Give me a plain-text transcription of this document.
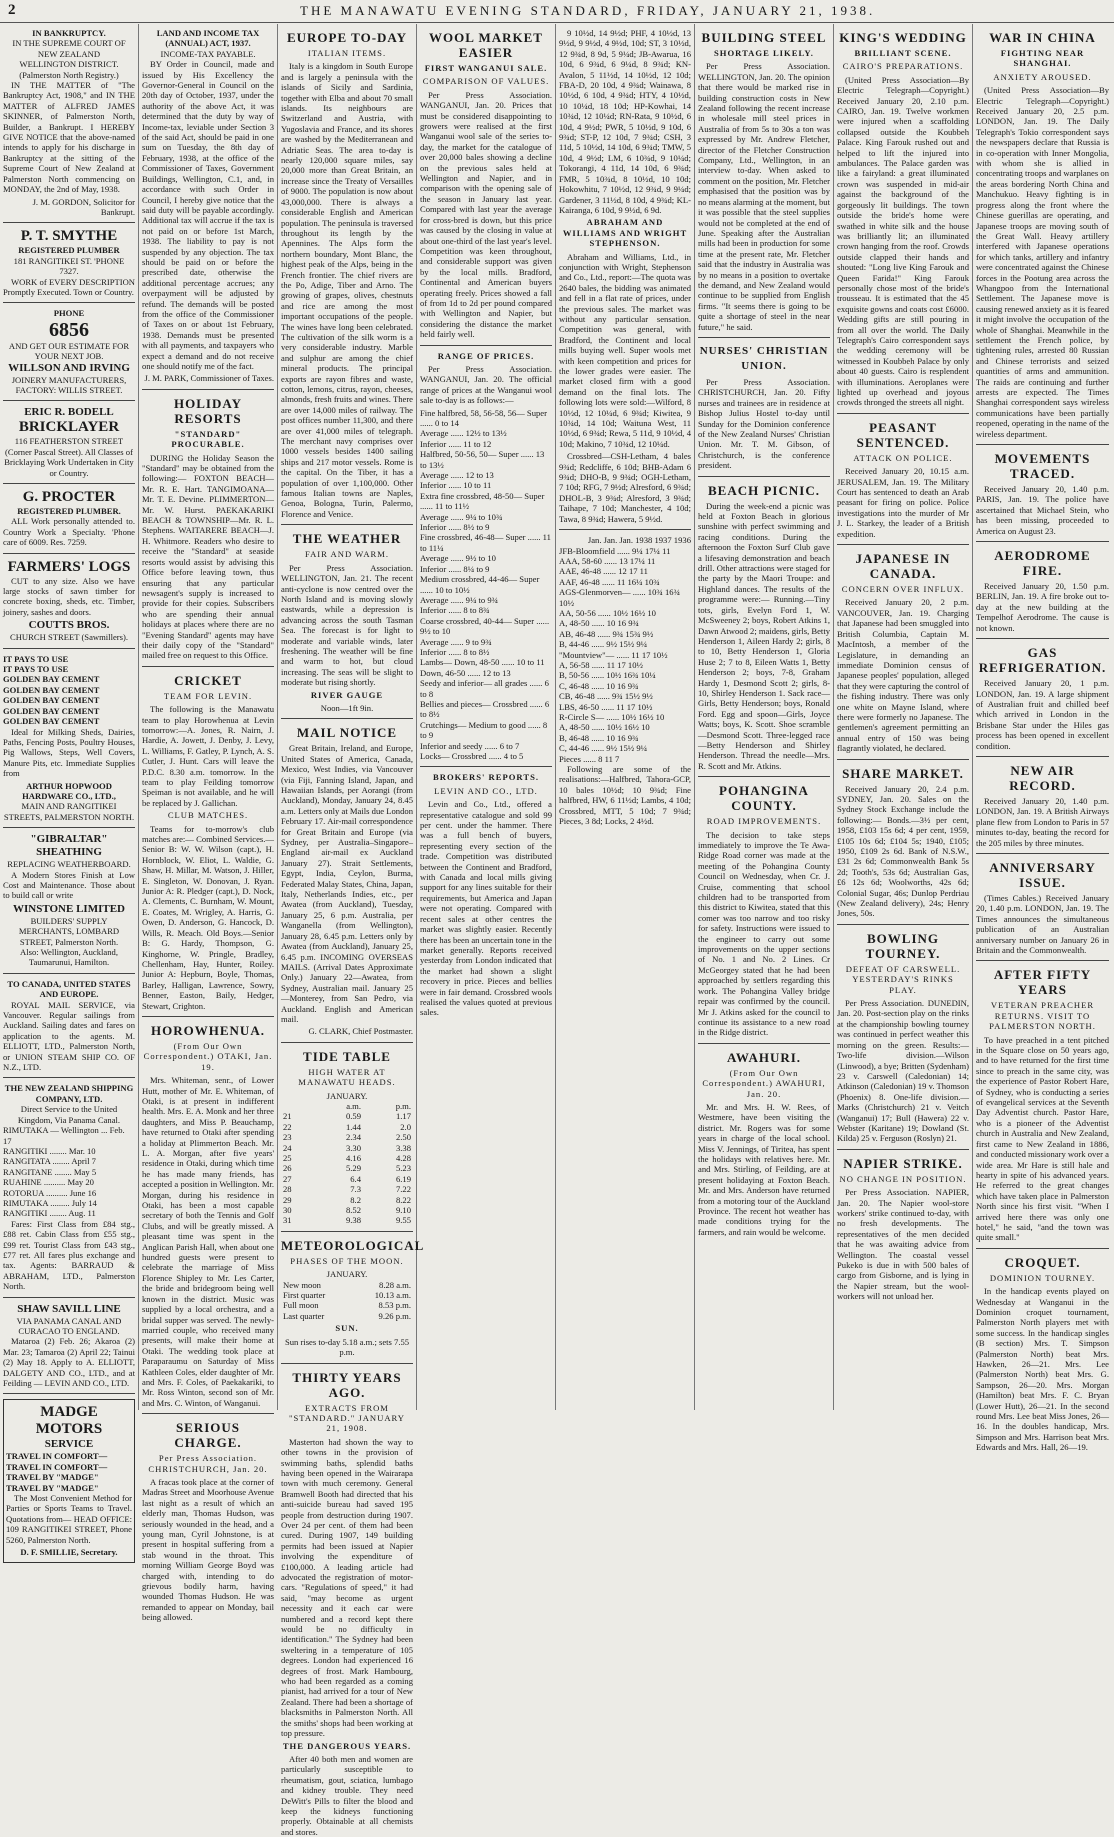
2	THE MANAWATU EVENING STANDARD, FRIDAY, JANUARY 21, 1938.
IN BANKRUPTCY.
IN THE SUPREME COURT OF NEW ZEALAND
WELLINGTON DISTRICT.
(Palmerston North Registry.)

IN THE MATTER of "The Bankruptcy Act, 1908," and IN THE MATTER of ALFRED JAMES SKINNER, of Palmerston North, Builder, a Bankrupt. I HEREBY GIVE NOTICE that the above-named intends to apply for his discharge in Bankruptcy at the sitting of the Supreme Court of New Zealand at Palmerston North commencing on MONDAY, the 2nd of May, 1938.

J. M. GORDON, Solicitor for Bankrupt.
P. T. SMYTHE
REGISTERED PLUMBER
181 RANGITIKEI ST. 'PHONE 7327.

WORK of EVERY DESCRIPTION Promptly Executed. Town or Country.

PHONE
6856
AND GET OUR ESTIMATE FOR YOUR NEXT JOB.
WILLSON AND IRVING
JOINERY MANUFACTURERS, FACTORY: WILLIS STREET.
ERIC R. BODELL
BRICKLAYER
116 FEATHERSTON STREET (Corner Pascal Street). All Classes of Bricklaying Work Undertaken in City or Country.
G. PROCTER
REGISTERED PLUMBER.

ALL Work personally attended to. Country Work a Specialty. 'Phone care of 6009. Res. 7259.

FARMERS' LOGS

CUT to any size. Also we have large stocks of sawn timber for concrete boxing, sheds, etc. Timber, joinery, sashes and doors.

COUTTS BROS.
CHURCH STREET (Sawmillers).
IT PAYS TO USE
IT PAYS TO USE
GOLDEN BAY CEMENT
GOLDEN BAY CEMENT
GOLDEN BAY CEMENT
GOLDEN BAY CEMENT
GOLDEN BAY CEMENT

Ideal for Milking Sheds, Dairies, Paths, Fencing Posts, Poultry Houses, Pig Wallows, Steps, Well Covers, Manure Pits, etc. Immediate Supplies from

ARTHUR HOPWOOD HARDWARE CO., LTD.,
MAIN AND RANGITIKEI STREETS, PALMERSTON NORTH.
"GIBRALTAR" SHEATHING
REPLACING WEATHERBOARD.

A Modern Stores Finish at Low Cost and Maintenance. Those about to build call or write

WINSTONE LIMITED
BUILDERS' SUPPLY MERCHANTS, LOMBARD STREET, Palmerston North.
Also: Wellington, Auckland, Taumarunui, Hamilton.
TO CANADA, UNITED STATES AND EUROPE.

ROYAL MAIL SERVICE, via Vancouver. Regular sailings from Auckland. Sailing dates and fares on application to the agents. M. ELLIOTT, LTD., Palmerston North, or UNION STEAM SHIP CO. OF N.Z., LTD.

THE NEW ZEALAND SHIPPING COMPANY, LTD.
Direct Service to the United Kingdom, Via Panama Canal.
RIMUTAKA — Wellington ... Feb. 17
RANGITIKI ........ Mar. 10
RANGITATA ........ April 7
RANGITANE ........ May 5
RUAHINE .......... May 20
ROTORUA .......... June 16
RIMUTAKA ......... July 14
RANGITIKI ........ Aug. 11

Fares: First Class from £84 stg., £88 ret. Cabin Class from £55 stg., £99 ret. Tourist Class from £43 stg., £77 ret. All fares plus exchange and tax. Agents: BARRAUD & ABRAHAM, LTD., Palmerston North.

SHAW SAVILL LINE
VIA PANAMA CANAL AND CURACAO TO ENGLAND.

Mataroa (2) Feb. 26; Akaroa (2) Mar. 23; Tamaroa (2) April 22; Tainui (2) May 18. Apply to A. ELLIOTT, DALGETY AND CO., LTD., and at Feilding — LEVIN AND CO., LTD.

MADGE MOTORS
SERVICE
TRAVEL IN COMFORT—
TRAVEL IN COMFORT—
TRAVEL BY "MADGE"
TRAVEL BY "MADGE"

The Most Convenient Method for Parties or Sports Teams to Travel. Quotations from— HEAD OFFICE: 109 RANGITIKEI STREET, Phone 5260, Palmerston North.

D. F. SMILLIE, Secretary.
LAND AND INCOME TAX (ANNUAL) ACT, 1937.
INCOME-TAX PAYABLE.

BY Order in Council, made and issued by His Excellency the Governor-General in Council on the 20th day of October, 1937, under the authority of the above Act, it was determined that the duty by way of Income-tax, leviable under Section 3 of the said Act, should be paid in one sum on Tuesday, the 8th day of February, 1938, at the office of the Commissioner of Taxes, Government Buildings, Wellington, C.1, and, in accordance with such Order in Council, I hereby give notice that the said duty will be payable accordingly. Additional tax will accrue if the tax is not paid on or before 1st March, 1938. The liability to pay is not suspended by any objection. The tax should be paid on or before the prescribed date, otherwise the additional percentage accrues; any overpayment will be adjusted by refund. The demands will be posted from the office of the Commissioner of Taxes on or about 1st February, 1938. Demands must be presented with all payments, and taxpayers who expect a demand and do not receive one should notify me of the fact.

J. M. PARK, Commissioner of Taxes.
HOLIDAY RESORTS
"STANDARD" PROCURABLE.

DURING the Holiday Season the "Standard" may be obtained from the following:— FOXTON BEACH—Mr. R. E. Hart. TANGIMOANA—Mr. T. E. Devine. PLIMMERTON—Mr. W. Hurst. PAEKAKARIKI BEACH & TOWNSHIP—Mr. R. L. Stephens. WAITARERE BEACH—J. H. Whitmore. Readers who desire to receive the "Standard" at seaside resorts would assist by advising this Office before leaving town, thus ensuring that any particular newsagent's supply is increased to provide for their copies. Subscribers who are spending their annual holidays at places where there are no "Evening Standard" agents may have their daily copy of the "Standard" mailed free on request to this Office.

CRICKET
TEAM FOR LEVIN.

The following is the Manawatu team to play Horowhenua at Levin tomorrow:—A. Jones, R. Nairn, J. Hardie, A. Jowett, J. Denby, J. Levy, L. Williams, F. Gatley, P. Lynch, A. S. Cutler, J. Hunt. Cars will leave the P.D.C. 8.30 a.m. tomorrow. In the team to play Feilding tomorrow Speiman is not available, and he will be replaced by J. Gallichan.

CLUB MATCHES.

Teams for to-morrow's club matches are:— Combined Services.—Senior B: W. W. Wilson (capt.), H. Hornblock, W. Eliot, L. Waldie, G. Shaw, H. Millar, M. Watson, J. Hiller, E. Singleton, W. Donovan, J. Ryan. Junior A: R. Pledger (capt.), D. Nock, A. Clements, C. Burnham, W. Mount, E. Coates, M. Wrigley, A. Harris, G. Owen, D. Anderson, G. Hancock, D. Wills, R. Meach. Old Boys.—Senior B: G. Hardy, Thompson, G. Kinghorne, W. Pringle, Bradley, Chellenham, Hay, Hunter, Roiley. Junior A: Hepburn, Boyle, Thomas, Barley, Halligan, Lawrence, Sowry, Benner, Easton, Baily, Hedger, Stewart, Crighton.

HOROWHENUA.
(From Our Own Correspondent.) OTAKI, Jan. 19.

Mrs. Whiteman, senr., of Lower Hutt, mother of Mr. E. Whiteman, of Otaki, is at present in indifferent health. Mrs. E. A. Monk and her three daughters, and Miss P. Beauchamp, have returned to Otaki after spending a holiday at Plimmerton Beach. Mr. L. A. Morgan, after five years' residence in Otaki, during which time he has made many friends, has accepted a position in Wellington. Mr. Morgan, during his residence in Otaki, has been a most capable secretary of both the Tennis and Golf Clubs, and will be greatly missed. A pleasant time was spent in the Anglican Parish Hall, when about one hundred guests were present to celebrate the marriage of Miss Florence Shipley to Mr. Les Carter, the bride and bridegroom being well known in the district. Music was supplied by a local orchestra, and a bridal supper was served. The newly-married couple, who received many presents, will make their home at Otaki. The wedding took place at Paraparaumu on Saturday of Miss Kathleen Coles, elder daughter of Mr. and Mrs. F. Coles, of Paekakariki, to Mr. Ross Winton, second son of Mr. and Mrs. C. Winton, of Wanganui.

SERIOUS CHARGE.
Per Press Association. CHRISTCHURCH, Jan. 20.

A fracas took place at the corner of Madras Street and Moorhouse Avenue last night as a result of which an elderly man, Thomas Hudson, was seriously wounded in the head, and a young man, Cyril Johnstone, is at present in hospital suffering from a stab wound in the throat. This morning William George Boyd was charged with, intending to do grievous bodily harm, having wounded Thomas Hudson. He was remanded to appear on Monday, bail being allowed.

EUROPE TO-DAY
ITALIAN ITEMS.

Italy is a kingdom in South Europe and is largely a peninsula with the islands of Sicily and Sardinia, together with Elba and about 70 small islands. Its neighbours are Switzerland and Austria, with Yugoslavia and France, and its shores are washed by the Mediterranean and Adriatic Seas. The area to-day is nearly 120,000 square miles, say 20,000 more than Great Britain, an increase since the Treaty of Versailles of 9000. The population is now about 43,000,000. There is always a considerable English and American population. The peninsula is traversed throughout its length by the Apennines. The Alps form the northern boundary, Mont Blanc, the highest peak of the Alps, being in the French frontier. The chief rivers are the Po, Adige, Tiber and Arno. The growing of grapes, olives, chestnuts and rice are among the most important occupations of the people. The wines have long been celebrated. The cultivation of the silk worm is a very considerable industry. Marble and sulphur are among the chief mineral products. The principal exports are rayon fibres and waste, cotton, lemons, citrus, rayon, cheeses, almonds, fresh fruits and wines. There are over 14,000 miles of railway. The post offices number 11,300, and there are over 41,000 miles of telegraph. The merchant navy comprises over 1000 vessels besides 1400 sailing ships and 217 motor vessels. Rome is the capital. On the Tiber, it has a population of over 1,100,000. Other famous Italian towns are Naples, Genoa, Bologna, Turin, Palermo, Florence and Venice.

THE WEATHER
FAIR AND WARM.

Per Press Association. WELLINGTON, Jan. 21. The recent anti-cyclone is now centred over the North Island and is moving slowly eastwards, while a depression is advancing across the south Tasman Sea. The forecast is for light to moderate and variable winds, later freshening. The weather will be fine and warm to hot, but cloud increasing. The seas will be slight to moderate but rising shortly.

RIVER GAUGE
Noon—1ft 9in.
MAIL NOTICE

Great Britain, Ireland, and Europe, United States of America, Canada, Mexico, West Indies, via Vancouver (via Fiji, Fanning Island, Japan, and Hawaiian Islands, per Aorangi (from Auckland), Monday, January 24, 8.45 a.m. Letters only at Mails due London February 17. Air-mail correspondence for Great Britain and Europe (via Sydney, per Australia–Singapore–England air-mail ex Auckland January 27). Strait Settlements, Egypt, India, Ceylon, Burma, Federated Malay States, China, Japan, Italy, Netherlands Indies, etc., per Awatea (from Auckland), Tuesday, January 25, 6 p.m. Australia, per Wanganella (from Wellington), January 28, 6.45 p.m. Letters only by Awatea (from Auckland), January 25, 6.45 p.m. INCOMING OVERSEAS MAILS. (Arrival Dates Approximate Only.) January 22—Awatea, from Sydney, Australian mail. January 25—Monterey, from San Pedro, via Auckland. English and American mail.

G. CLARK, Chief Postmaster.
TIDE TABLE
HIGH WATER AT MANAWATU HEADS.
JANUARY.
	a.m.	p.m.
21	0.59	1.17
22	1.44	2.0
23	2.34	2.50
24	3.30	3.38
25	4.16	4.28
26	5.29	5.23
27	6.4	6.19
28	7.3	7.22
29	8.2	8.22
30	8.52	9.10
31	9.38	9.55
METEOROLOGICAL
PHASES OF THE MOON.
JANUARY.
New moon	8.28 a.m.
First quarter	10.13 a.m.
Full moon	8.53 p.m.
Last quarter	9.26 p.m.
SUN.
Sun rises to-day 5.18 a.m.; sets 7.55 p.m.
THIRTY YEARS AGO.
EXTRACTS FROM "STANDARD." JANUARY 21, 1908.

Masterton had shown the way to other towns in the provision of swimming baths, splendid baths having been opened in the Wairarapa town with much ceremony. General Bramwell Booth had directed that his anti-suicide bureau had saved 195 people from destruction during 1907. Over 24 per cent. of them had been cured. During 1907, 149 building permits had been issued at Napier involving the expenditure of £100,000. A leading article had advocated the registration of motor-cars. "Regulations of speed," it had said, "may become as urgent necessity and it each car were numbered and a record kept there would be no difficulty in identification." The Sydney had been sweltering in a temperature of 105 degrees. London had experienced 16 degrees of frost. Mark Hambourg, who had been regarded as a coming pianist, had arrived for a tour of New Zealand. There had been a shortage of blacksmiths in Palmerston North. All the smiths' shops had been working at top pressure.

THE DANGEROUS YEARS.

After 40 both men and women are particularly susceptible to rheumatism, gout, sciatica, lumbago and kidney trouble. They need DeWitt's Pills to filter the blood and keep the kidneys functioning properly. Obtainable at all chemists and stores.

WOOL MARKET EASIER
FIRST WANGANUI SALE.
COMPARISON OF VALUES.

Per Press Association. WANGANUI, Jan. 20. Prices that must be considered disappointing to growers were realised at the first Wanganui wool sale of the series to-day, the market for the catalogue of over 20,000 bales showing a decline on the previous sales held at Wellington and Napier, and in comparison with the opening sale of the season in January last year. Compared with last year the average for cross-bred is down, but this price was caused by the closing in value at about one-third of the last year's level. Competition was keen throughout, and considerable support was given by the local mills. Bradford, Continental and American buyers operating freely. Prices showed a fall of from 1d to 2d per pound compared with Wellington and Napier, but considering the distance the market held fairly well.

RANGE OF PRICES.

Per Press Association. WANGANUI, Jan. 20. The official range of prices at the Wanganui wool sale to-day is as follows:—

Fine halfbred, 58, 56-58, 56— Super ...... 0 to 14
Average ...... 12½ to 13½
Inferior ...... 11 to 12
Halfbred, 50-56, 50— Super ...... 13 to 13½
Average ...... 12 to 13
Inferior ...... 10 to 11
Extra fine crossbred, 48-50— Super ...... 11 to 11½
Average ...... 9¼ to 10¾
Inferior ...... 8½ to 9
Fine crossbred, 46-48— Super ...... 11 to 11¼
Average ...... 9½ to 10
Inferior ...... 8¼ to 9
Medium crossbred, 44-46— Super ...... 10 to 10½
Average ...... 9¼ to 9¾
Inferior ...... 8 to 8¾
Coarse crossbred, 40-44— Super ...... 9½ to 10
Average ...... 9 to 9¾
Inferior ...... 8 to 8½
Lambs— Down, 48-50 ...... 10 to 11
Down, 46-50 ...... 12 to 13
Seedy and inferior— all grades ...... 6 to 8
Bellies and pieces— Crossbred ...... 6 to 8½
Crutchings— Medium to good ...... 8 to 9
Inferior and seedy ...... 6 to 7
Locks— Crossbred ...... 4 to 5
BROKERS' REPORTS.
LEVIN AND CO., LTD.

Levin and Co., Ltd., offered a representative catalogue and sold 99 per cent. under the hammer. There was a full bench of buyers, representing every section of the trade. Competition was distributed between the Continent and Bradford, with Canada and local mills giving support for any lines suitable for their requirements, but America and Japan were not operating. Compared with recent sales at other centres the market was slightly easier. Recently there has been an uncertain tone in the market generally. Reports received yesterday from London indicated that the market had shown a slight recovery in price. Pieces and bellies were in fair demand. Crossbred wools realised the values quoted at previous sales.

9 10½d, 14 9½d; PHF, 4 10½d, 13 9½d, 9 9½d, 4 9½d, 10d; ST, 3 10½d, 12 9¾d, 8 9d, 5 9¼d; JB-Awarua, 16 10d, 6 9¾d, 6 9¼d, 8 9¾d; KN-Avalon, 5 11½d, 14 10½d, 12 10d; FBA-D, 20 10d, 4 9¾d; Wainawa, 8 10½d, 6 10d, 4 9¾d; HTY, 4 10½d, 10 10¼d, 18 10d; HP-Kowhai, 14 10¾d, 12 10¼d; RN-Rata, 9 10½d, 6 10d, 4 9½d; PWR, 5 10½d, 9 10d, 6 9¾d; ST-P, 12 10d, 7 9¾d; CSH, 3 11d, 5 10½d, 14 10d, 6 9¾d; TMW, 5 10d, 4 9½d; LM, 6 10¾d, 9 10¼d; Tokorangi, 4 11d, 14 10d, 6 9¾d; FMR, 5 10¾d, 8 10½d, 10 10d; Hokowhitu, 7 10½d, 12 9¾d, 9 9¼d; Gardener, 3 11½d, 8 10d, 4 9¾d; KL-Kairanga, 6 10d, 9 9½d, 6 9d.

ABRAHAM AND WILLIAMS AND WRIGHT STEPHENSON.

Abraham and Williams, Ltd., in conjunction with Wright, Stephenson and Co., Ltd., report:—The quota was 2640 bales, the bidding was animated and fell in a flat rate of prices, under the previous sales. The market was without any particular sensation. Competition was general, with Bradford, the Continent and local mills buying well. Super wools met with keen competition and prices for the lower grades were easier. The market closed firm with a good demand on the final lots. The following lots were sold:—Wilford, 8 10½d, 12 10¼d, 6 9¾d; Kiwitea, 9 10¾d, 14 10d; Waituna West, 11 10½d, 6 9¾d; Rewa, 5 11d, 9 10½d, 4 10d; Makino, 7 10¾d, 12 10¼d.

Crossbred—CSH-Letham, 4 bales 9¾d; Redcliffe, 6 10d; BHB-Adam 6 9¾d; DHO-B, 9 9¾d; OGH-Letham, 7 10d; RFG, 7 9½d; Alresford, 6 9¾d; DHOL-B, 3 9¾d; Alresford, 3 9¾d; Taihape, 7 10d; Manchester, 4 10d; Tawa, 8 9¾d; Hawera, 5 9½d.

Jan. Jan. Jan. 1938 1937 1936
JFB-Bloomfield ...... 9¼ 17¼ 11
AAA, 58-60 ...... 13 17¼ 11
AAE, 46-48 ...... 12 17 11
AAF, 46-48 ...... 11 16¼ 10¾
AGS-Glenmorven— ...... 10¾ 16¾ 10½
AA, 50-56 ...... 10½ 16½ 10
A, 48-50 ...... 10 16 9¾
AB, 46-48 ...... 9¾ 15¾ 9½
B, 44-46 ...... 9½ 15½ 9¼
"Mountview"— ...... 11 17 10½
A, 56-58 ...... 11 17 10½
B, 50-56 ...... 10½ 16¾ 10¼
C, 46-48 ...... 10 16 9¾
CB, 46-48 ...... 9¾ 15½ 9½
LBS, 46-50 ...... 11 17 10½
R-Circle S— ...... 10½ 16½ 10
A, 48-50 ...... 10½ 16½ 10
B, 46-48 ...... 10 16 9¾
C, 44-46 ...... 9½ 15½ 9¼
Pieces ...... 8 11 7

Following are some of the realisations:—Halfbred, Tahora-GCP, 10 bales 10½d; 10 9¾d; Fine halfbred, HW, 6 11½d; Lambs, 4 10d; Crossbred, MTT, 5 10d; 7 9¾d; Pieces, 3 8d; Locks, 2 4½d.

BUILDING STEEL
SHORTAGE LIKELY.

Per Press Association. WELLINGTON, Jan. 20. The opinion that there would be marked rise in building construction costs in New Zealand following the recent increase in wholesale mill steel prices in Australia of from 5s to 30s a ton was expressed by Mr. Andrew Fletcher, director of the Fletcher Construction Company, Ltd., Wellington, in an interview to-day. When asked to comment on the position, Mr. Fletcher emphasised that the position was by no means alarming at the moment, but it was possible that the steel supplies would not be completed at the end of June. Speaking after the Australian mills had been in production for some time at the present rate, Mr. Fletcher said that the industry in Australia was by no means in a position to overtake the demand, and New Zealand would continue to be supplied from English firms. "It seems there is going to be quite a shortage of steel in the near future," he said.

NURSES' CHRISTIAN UNION.

Per Press Association. CHRISTCHURCH, Jan. 20. Fifty nurses and trainees are in residence at Bishop Julius Hostel to-day until Sunday for the Dominion conference of the New Zealand Nurses' Christian Union. Mr. T. M. Gibson, of Christchurch, is the conference president.

BEACH PICNIC.

During the week-end a picnic was held at Foxton Beach in glorious sunshine with perfect swimming and racing conditions. During the afternoon the Foxton Surf Club gave a lifesaving demonstration and beach drill. Other attractions were staged for the party by the Maori Troupe: and Highland dances. The results of the programme were:— Running.—Tiny tots, girls, Evelyn Ford 1, W. McSweeney 2; boys, Robert Atkins 1, Dawn Atwood 2; maidens, girls, Betty Henderson 1, Aileen Hardy 2; girls, 8 to 10, Betty Henderson 1, Gloria Huse 2; 7 to 8, Eileen Watts 1, Betty Henderson 2; boys, 7-8, Graham Hardy 1, Desmond Scott 2; girls, 8-10, Shirley Henderson 1. Sack race—Girls, Betty Henderson; boys, Ronald Ford. Egg and spoon—Girls, Joyce Watts; boys, K. Scott. Shoe scramble—Desmond Scott. Three-legged race—Betty Henderson and Shirley Henderson. Thread the needle—Mrs. R. Scott and Mr. Atkins.

POHANGINA COUNTY.
ROAD IMPROVEMENTS.

The decision to take steps immediately to improve the Te Awa-Ridge Road corner was made at the meeting of the Pohangina County Council on Wednesday, when Cr. J. Cruise, commenting that school children had to be transported from this district to Kiwitea, stated that this comer was too narrow and too risky for safety. Instructions were issued to the engineer to carry out some improvements on the upper sections of No. 1 and No. 2 Lines. Cr McGeorgey stated that he had been approached by settlers regarding this work. The Pohangina Valley bridge repair was confirmed by the council. Mr J. Atkins asked for the council to continue its assistance to a new road in the Ridge district.

AWAHURI.
(From Our Own Correspondent.) AWAHURI, Jan. 20.

Mr. and Mrs. H. W. Rees, of Westmere, have been visiting the district. Mr. Rogers was for some years in charge of the local school. Miss V. Jennings, of Tiritea, has spent the holidays with relatives here. Mr. and Mrs. Stirling, of Feilding, are at present holidaying at Foxton Beach. Mr. and Mrs. Anderson have returned from a motoring tour of the Auckland Province. The recent hot weather has made conditions trying for the farmers, and rain would be welcome.

KING'S WEDDING
BRILLIANT SCENE.
CAIRO'S PREPARATIONS.

(United Press Association—By Electric Telegraph—Copyright.) Received January 20, 2.10 p.m. CAIRO, Jan. 19. Twelve workmen were injured when a scaffolding collapsed outside the Koubbeh Palace. King Farouk rushed out and helped to lift the injured into ambulances. The Palace garden was like a fairyland: a great illuminated crown was suspended in mid-air against the background of the gorgeously lit buildings. The town outside the bride's home were swathed in white silk and the house was brilliantly lit; an illuminated crown hanging from the roof. Crowds outside clapped their hands and shouted: "Long live King Farouk and Queen Farida!" King Farouk personally chose most of the bride's trousseau. It is estimated that the 45 exquisite gowns and coats cost £6000. Wedding gifts are still pouring in from all over the world. The Daily Telegraph's Cairo correspondent says the wedding ceremony will be witnessed in Koubbeh Palace by only about 40 guests. Cairo is resplendent with illuminations. Aeroplanes were lighted up overhead and joyous crowds thronged the streets all night.

PEASANT SENTENCED.
ATTACK ON POLICE.

Received January 20, 10.15 a.m. JERUSALEM, Jan. 19. The Military Court has sentenced to death an Arab peasant for firing on police. Police investigations into the murder of Mr J. L. Starkey, the leader of a British expedition.

JAPANESE IN CANADA.
CONCERN OVER INFLUX.

Received January 20, 2 p.m. VANCOUVER, Jan. 19. Charging that Japanese had been smuggled into British Columbia, Captain M. MacIntosh, a member of the Legislature, in demanding an immediate Dominion census of Japanese peoples' population, alleged that they were capturing the control of the fishing industry. There was only one white on Mayne Island, where there were formerly no Japanese. The gentlemen's agreement permitting an annual entry of 150 was being flagrantly violated, he declared.

SHARE MARKET.

Received January 20, 2.4 p.m. SYDNEY, Jan. 20. Sales on the Sydney Stock Exchange include the following:— Bonds.—3½ per cent, 1958, £103 15s 6d; 4 per cent, 1959, £105 10s 6d; £104 5s; 1940, £105; 1950, £109 2s 6d. Bank of N.S.W., £31 2s 6d; Commonwealth Bank 5s 2d; Tooth's, 53s 6d; Australian Gas, £6 12s 6d; Woolworths, 42s 6d; Colonial Sugar, 46s; Dunlop Perdriau (New Zealand delivery), 24s; Henry Jones, 50s.

BOWLING TOURNEY.
DEFEAT OF CARSWELL. YESTERDAY'S RINKS PLAY.

Per Press Association. DUNEDIN, Jan. 20. Post-section play on the rinks at the championship bowling tourney was continued in perfect weather this morning on the green. Results:— Two-life division.—Wilson (Linwood), a bye; Britten (Sydenham) 23 v. Carswell (Caledonian) 14; Atkinson (Caledonian) 19 v. Thomson (Phoenix) 8. One-life division.—Marks (Christchurch) 21 v. Veitch (Wanganui) 17; Bull (Hawera) 22 v. Webster (Karitane) 19; Dowland (St. Kilda) 25 v. Ferguson (Roslyn) 21.

NAPIER STRIKE.
NO CHANGE IN POSITION.

Per Press Association. NAPIER, Jan. 20. The Napier wool-store workers' strike continued to-day, with no fresh developments. The representatives of the men decided that he was awaiting advice from Wellington. The coastal vessel Pukeko is due in with 500 bales of cargo from Gisborne, and is lying in the Napier stream, but the wool-workers will not unload her.

WAR IN CHINA
FIGHTING NEAR SHANGHAI.
ANXIETY AROUSED.

(United Press Association—By Electric Telegraph—Copyright.) Received January 20, 2.5 p.m. LONDON, Jan. 19. The Daily Telegraph's Tokio correspondent says the newspapers declare that Russia is in co-operation with Inner Mongolia, with whom she is allied in concentrating troops and warplanes on the areas bordering North China and Manchukuo. Heavy fighting is in progress along the front where the Chinese guerillas are operating, and Japanese troops are moving south of the Great Wall. Heavy artillery interfered with Japanese operations for which tanks, artillery and infantry were concentrated against the Chinese forces in the Pootung area across the Whangpoo from the International Settlement. The Japanese move is causing renewed anxiety as it is feared it might involve the occupation of the whole of Shanghai. Meanwhile in the settlement the French police, by tightening rules, arrested 80 Russian and Chinese terrorists and seized quantities of arms and ammunition. The raids are continuing and further arrests are expected. The Times Shanghai correspondent says wireless communications have been partially reopened, operating in the name of the wireless department.

MOVEMENTS TRACED.

Received January 20, 1.40 p.m. PARIS, Jan. 19. The police have ascertained that Michael Stein, who has been missing, proceeded to America on August 23.

AERODROME FIRE.

Received January 20, 1.50 p.m. BERLIN, Jan. 19. A fire broke out to-day at the new building at the Tempelhof Aerodrome. The cause is not known.

GAS REFRIGERATION.

Received January 20, 1 p.m. LONDON, Jan. 19. A large shipment of Australian fruit and chilled beef which arrived in London in the Brisbane Star under the Hiles gas process has been opened in excellent condition.

NEW AIR RECORD.

Received January 20, 1.40 p.m. LONDON, Jan. 19. A British Airways plane flew from London to Paris in 57 minutes to-day, beating the record for the 205 miles by three minutes.

ANNIVERSARY ISSUE.

(Times Cables.) Received January 20, 1.40 p.m. LONDON, Jan. 19. The Times announces the simultaneous publication of an Australian anniversary number on January 26 in Britain and the Commonwealth.

AFTER FIFTY YEARS
VETERAN PREACHER RETURNS. VISIT TO PALMERSTON NORTH.

To have preached in a tent pitched in the Square close on 50 years ago, and to have returned for the first time since to preach in the same city, was the experience of Pastor Robert Hare, of Sydney, who is conducting a series of evangelical services at the Seventh Day Adventist church. Pastor Hare, who is a pioneer of the Adventist church in Australia and New Zealand, first came to New Zealand in 1886, and conducted missionary work over a wide area. Mr Hare is still hale and hearty in spite of his advanced years. He referred to the great changes which have taken place in Palmerston North since his first visit. "When I arrived here there was only one hotel," he said, "and the town was quite small."

CROQUET.
DOMINION TOURNEY.

In the handicap events played on Wednesday at Wanganui in the Dominion croquet tournament, Palmerston North players met with some success. In the handicap singles (B section) Mrs. T. Simpson (Palmerston North) beat Mrs. Hawken, 26—21. Mrs. Lee (Palmerston North) beat Mrs. G. Sampson, 26—20. Mrs. Morgan (Hamilton) beat Mrs. F. C. Bryan (Lower Hutt), 26—21. In the second round Mrs. Lee beat Miss Jones, 26—16. In the doubles handicap, Mrs. Simpson and Mrs. Harrison beat Mrs. Edwards and Mrs. Hall, 26—19.
